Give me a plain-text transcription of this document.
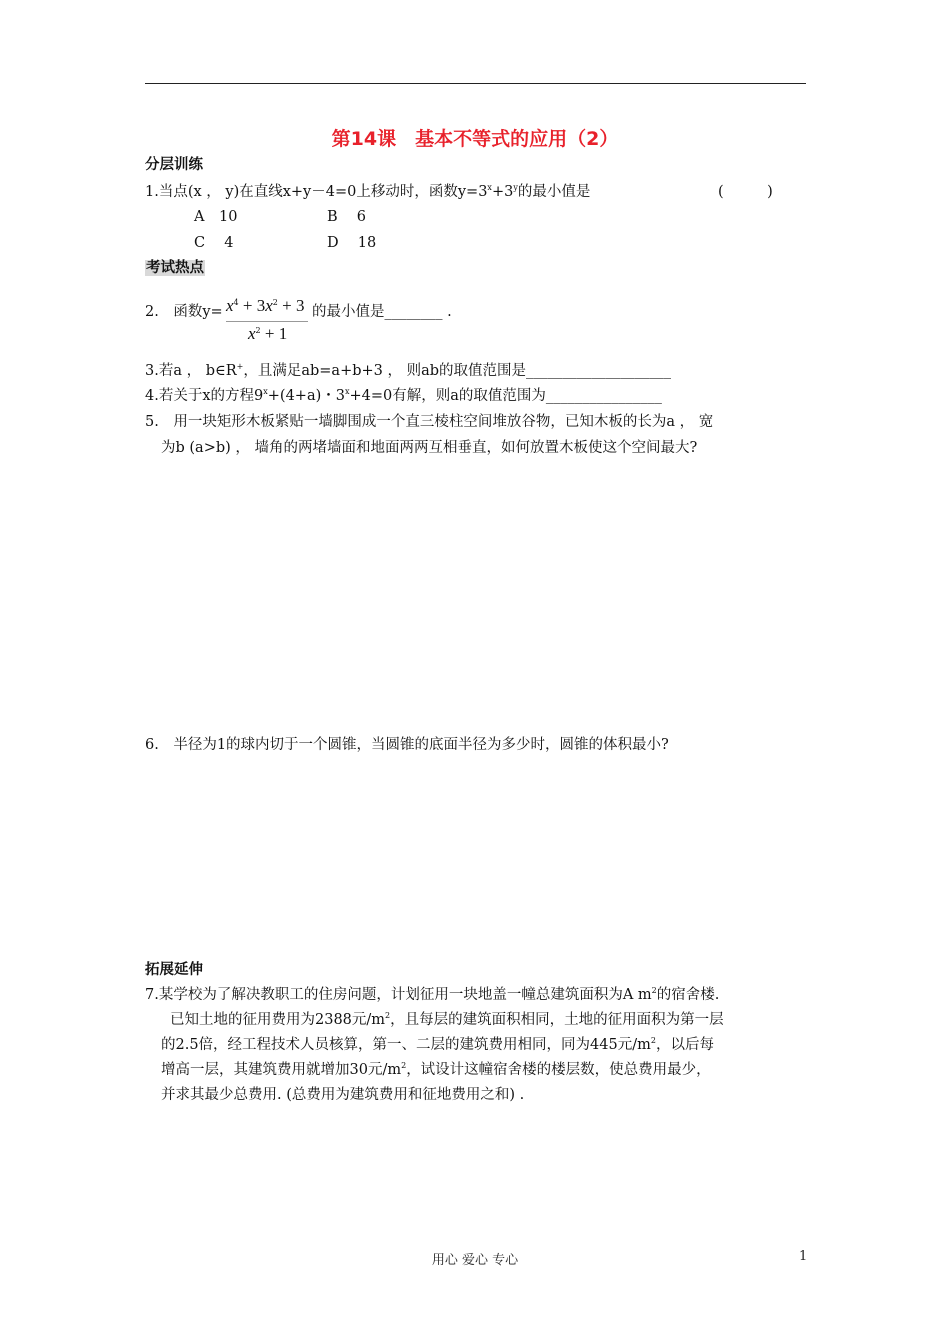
第14课　基本不等式的应用（2）
分层训练
1.当点(x ， y)在直线x+y－4=0上移动时，函数$y=3^x+3^y$的最小值是	(　　　)
A　10	B　 6
C　 4	D　 18
考试热点
2.　函数$y= x^4 + 3x^2 + 3$
$x^2 + 1$
的最小值是________ .
3.若a ， b∈R+，且满足ab=a+b+3 ， 则ab的取值范围是____________________
4.若关于x的方程$9^x+(4+a)$・$3^x+4=0$有解，则a的取值范围为________________
5.　用一块矩形木板紧贴一墙脚围成一个直三棱柱空间堆放谷物，已知木板的长为a ， 宽
为b (a>b) ， 墙角的两堵墙面和地面两两互相垂直，如何放置木板使这个空间最大?
6.　半径为1的球内切于一个圆锥，当圆锥的底面半径为多少时，圆锥的体积最小?
拓展延伸
7.某学校为了解决教职工的住房问题，计划征用一块地盖一幢总建筑面积为A $m^2$的宿舍楼.
已知土地的征用费用为2388元$/m^2$，且每层的建筑面积相同，土地的征用面积为第一层
的2.5倍，经工程技术人员核算，第一、二层的建筑费用相同，同为445元$/m^2$，以后每
增高一层，其建筑费用就增加30元$/m^2$，试设计这幢宿舍楼的楼层数，使总费用最少，
并求其最少总费用. (总费用为建筑费用和征地费用之和) .
用心 爱心 专心	1
